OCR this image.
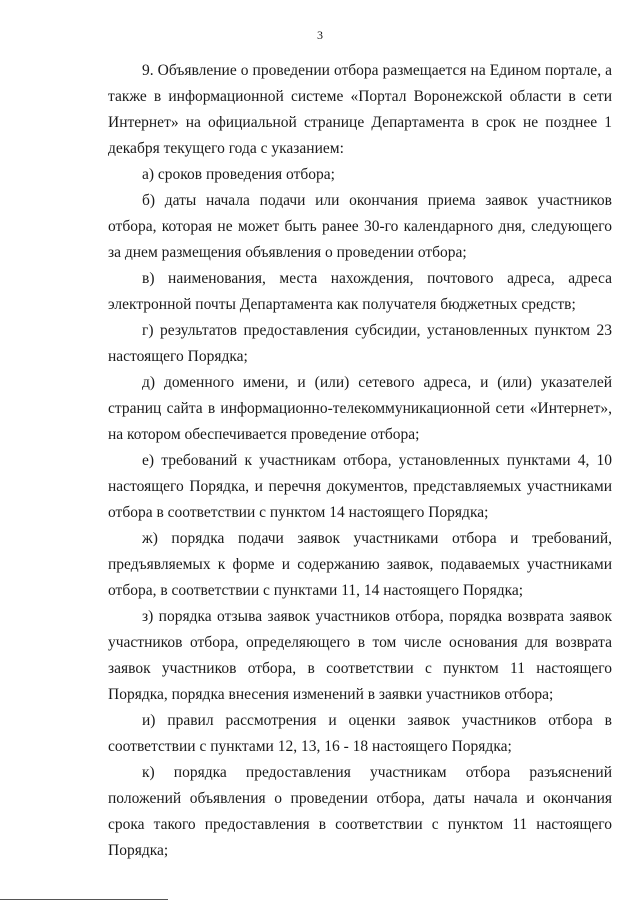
3

9. Объявление о проведении отбора размещается на Едином портале, а также в информационной системе «Портал Воронежской области в сети Интернет» на официальной странице Департамента в срок не позднее 1 декабря текущего года с указанием:

а) сроков проведения отбора;

б) даты начала подачи или окончания приема заявок участников отбора, которая не может быть ранее 30-го календарного дня, следующего за днем размещения объявления о проведении отбора;

в) наименования, места нахождения, почтового адреса, адреса электронной почты Департамента как получателя бюджетных средств;

г) результатов предоставления субсидии, установленных пунктом 23 настоящего Порядка;

д) доменного имени, и (или) сетевого адреса, и (или) указателей страниц сайта в информационно-телекоммуникационной сети «Интернет», на котором обеспечивается проведение отбора;

е) требований к участникам отбора, установленных пунктами 4, 10 настоящего Порядка, и перечня документов, представляемых участниками отбора в соответствии с пунктом 14 настоящего Порядка;

ж) порядка подачи заявок участниками отбора и требований, предъявляемых к форме и содержанию заявок, подаваемых участниками отбора, в соответствии с пунктами 11, 14 настоящего Порядка;

з) порядка отзыва заявок участников отбора, порядка возврата заявок участников отбора, определяющего в том числе основания для возврата заявок участников отбора, в соответствии с пунктом 11 настоящего Порядка, порядка внесения изменений в заявки участников отбора;

и) правил рассмотрения и оценки заявок участников отбора в соответствии с пунктами 12, 13, 16 - 18 настоящего Порядка;

к) порядка предоставления участникам отбора разъяснений положений объявления о проведении отбора, даты начала и окончания срока такого предоставления в соответствии с пунктом 11 настоящего Порядка;
